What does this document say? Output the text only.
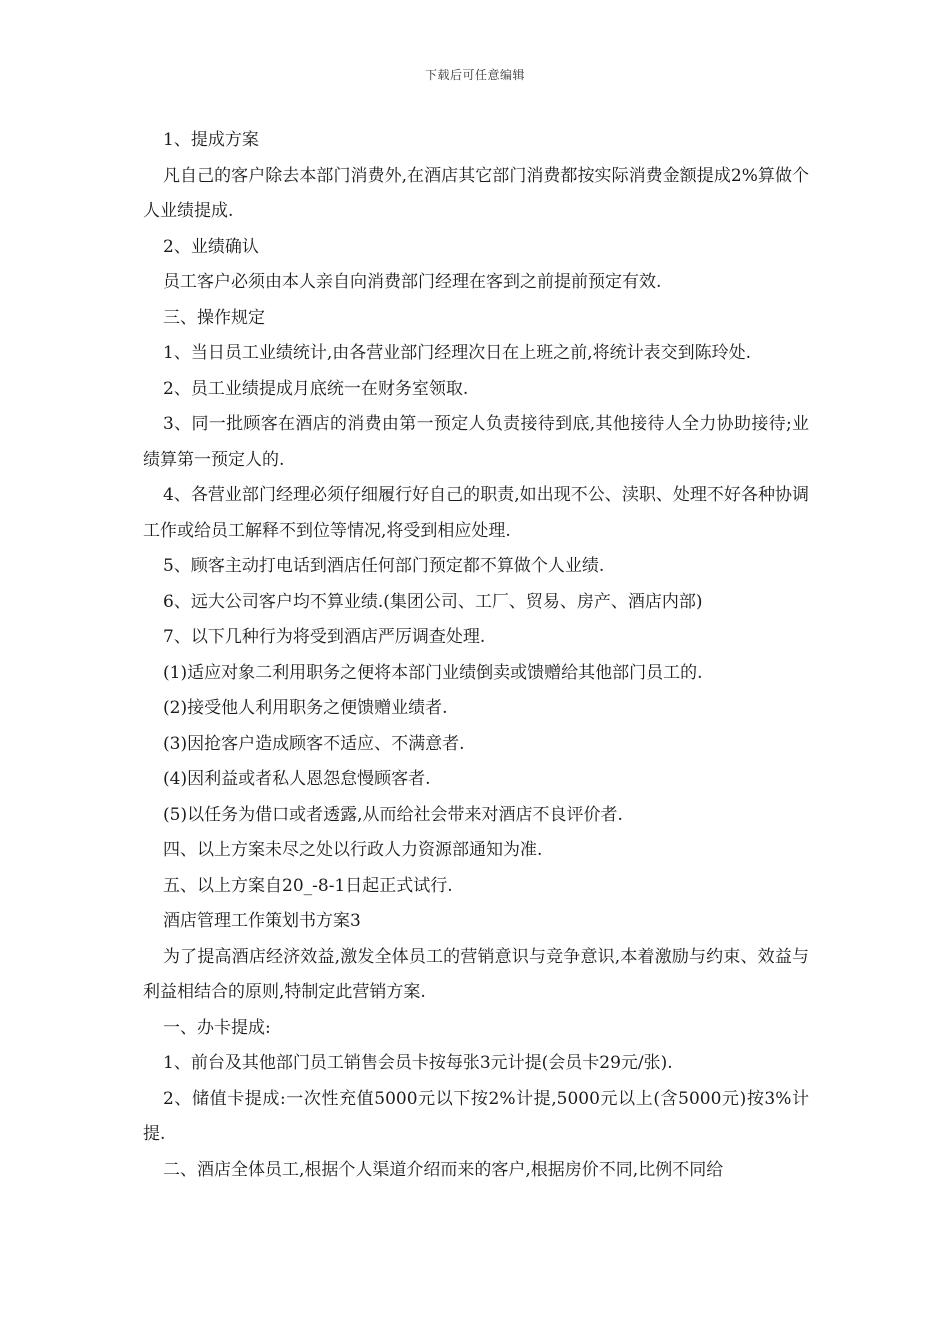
下载后可任意编辑

1、提成方案

凡自己的客户除去本部门消费外,在酒店其它部门消费都按实际消费金额提成2%算做个人业绩提成.

2、业绩确认

员工客户必须由本人亲自向消费部门经理在客到之前提前预定有效.

三、操作规定

1、当日员工业绩统计,由各营业部门经理次日在上班之前,将统计表交到陈玲处.

2、员工业绩提成月底统一在财务室领取.

3、同一批顾客在酒店的消费由第一预定人负责接待到底,其他接待人全力协助接待;业绩算第一预定人的.

4、各营业部门经理必须仔细履行好自己的职责,如出现不公、渎职、处理不好各种协调工作或给员工解释不到位等情况,将受到相应处理.

5、顾客主动打电话到酒店任何部门预定都不算做个人业绩.

6、远大公司客户均不算业绩.(集团公司、工厂、贸易、房产、酒店内部)

7、以下几种行为将受到酒店严厉调查处理.

(1)适应对象二利用职务之便将本部门业绩倒卖或馈赠给其他部门员工的.

(2)接受他人利用职务之便馈赠业绩者.

(3)因抢客户造成顾客不适应、不满意者.

(4)因利益或者私人恩怨怠慢顾客者.

(5)以任务为借口或者透露,从而给社会带来对酒店不良评价者.

四、以上方案未尽之处以行政人力资源部通知为准.

五、以上方案自20_-8-1日起正式试行.

酒店管理工作策划书方案3

为了提高酒店经济效益,激发全体员工的营销意识与竞争意识,本着激励与约束、效益与利益相结合的原则,特制定此营销方案.

一、办卡提成:

1、前台及其他部门员工销售会员卡按每张3元计提(会员卡29元/张).

2、储值卡提成:一次性充值5000元以下按2%计提,5000元以上(含5000元)按3%计提.

二、酒店全体员工,根据个人渠道介绍而来的客户,根据房价不同,比例不同给
